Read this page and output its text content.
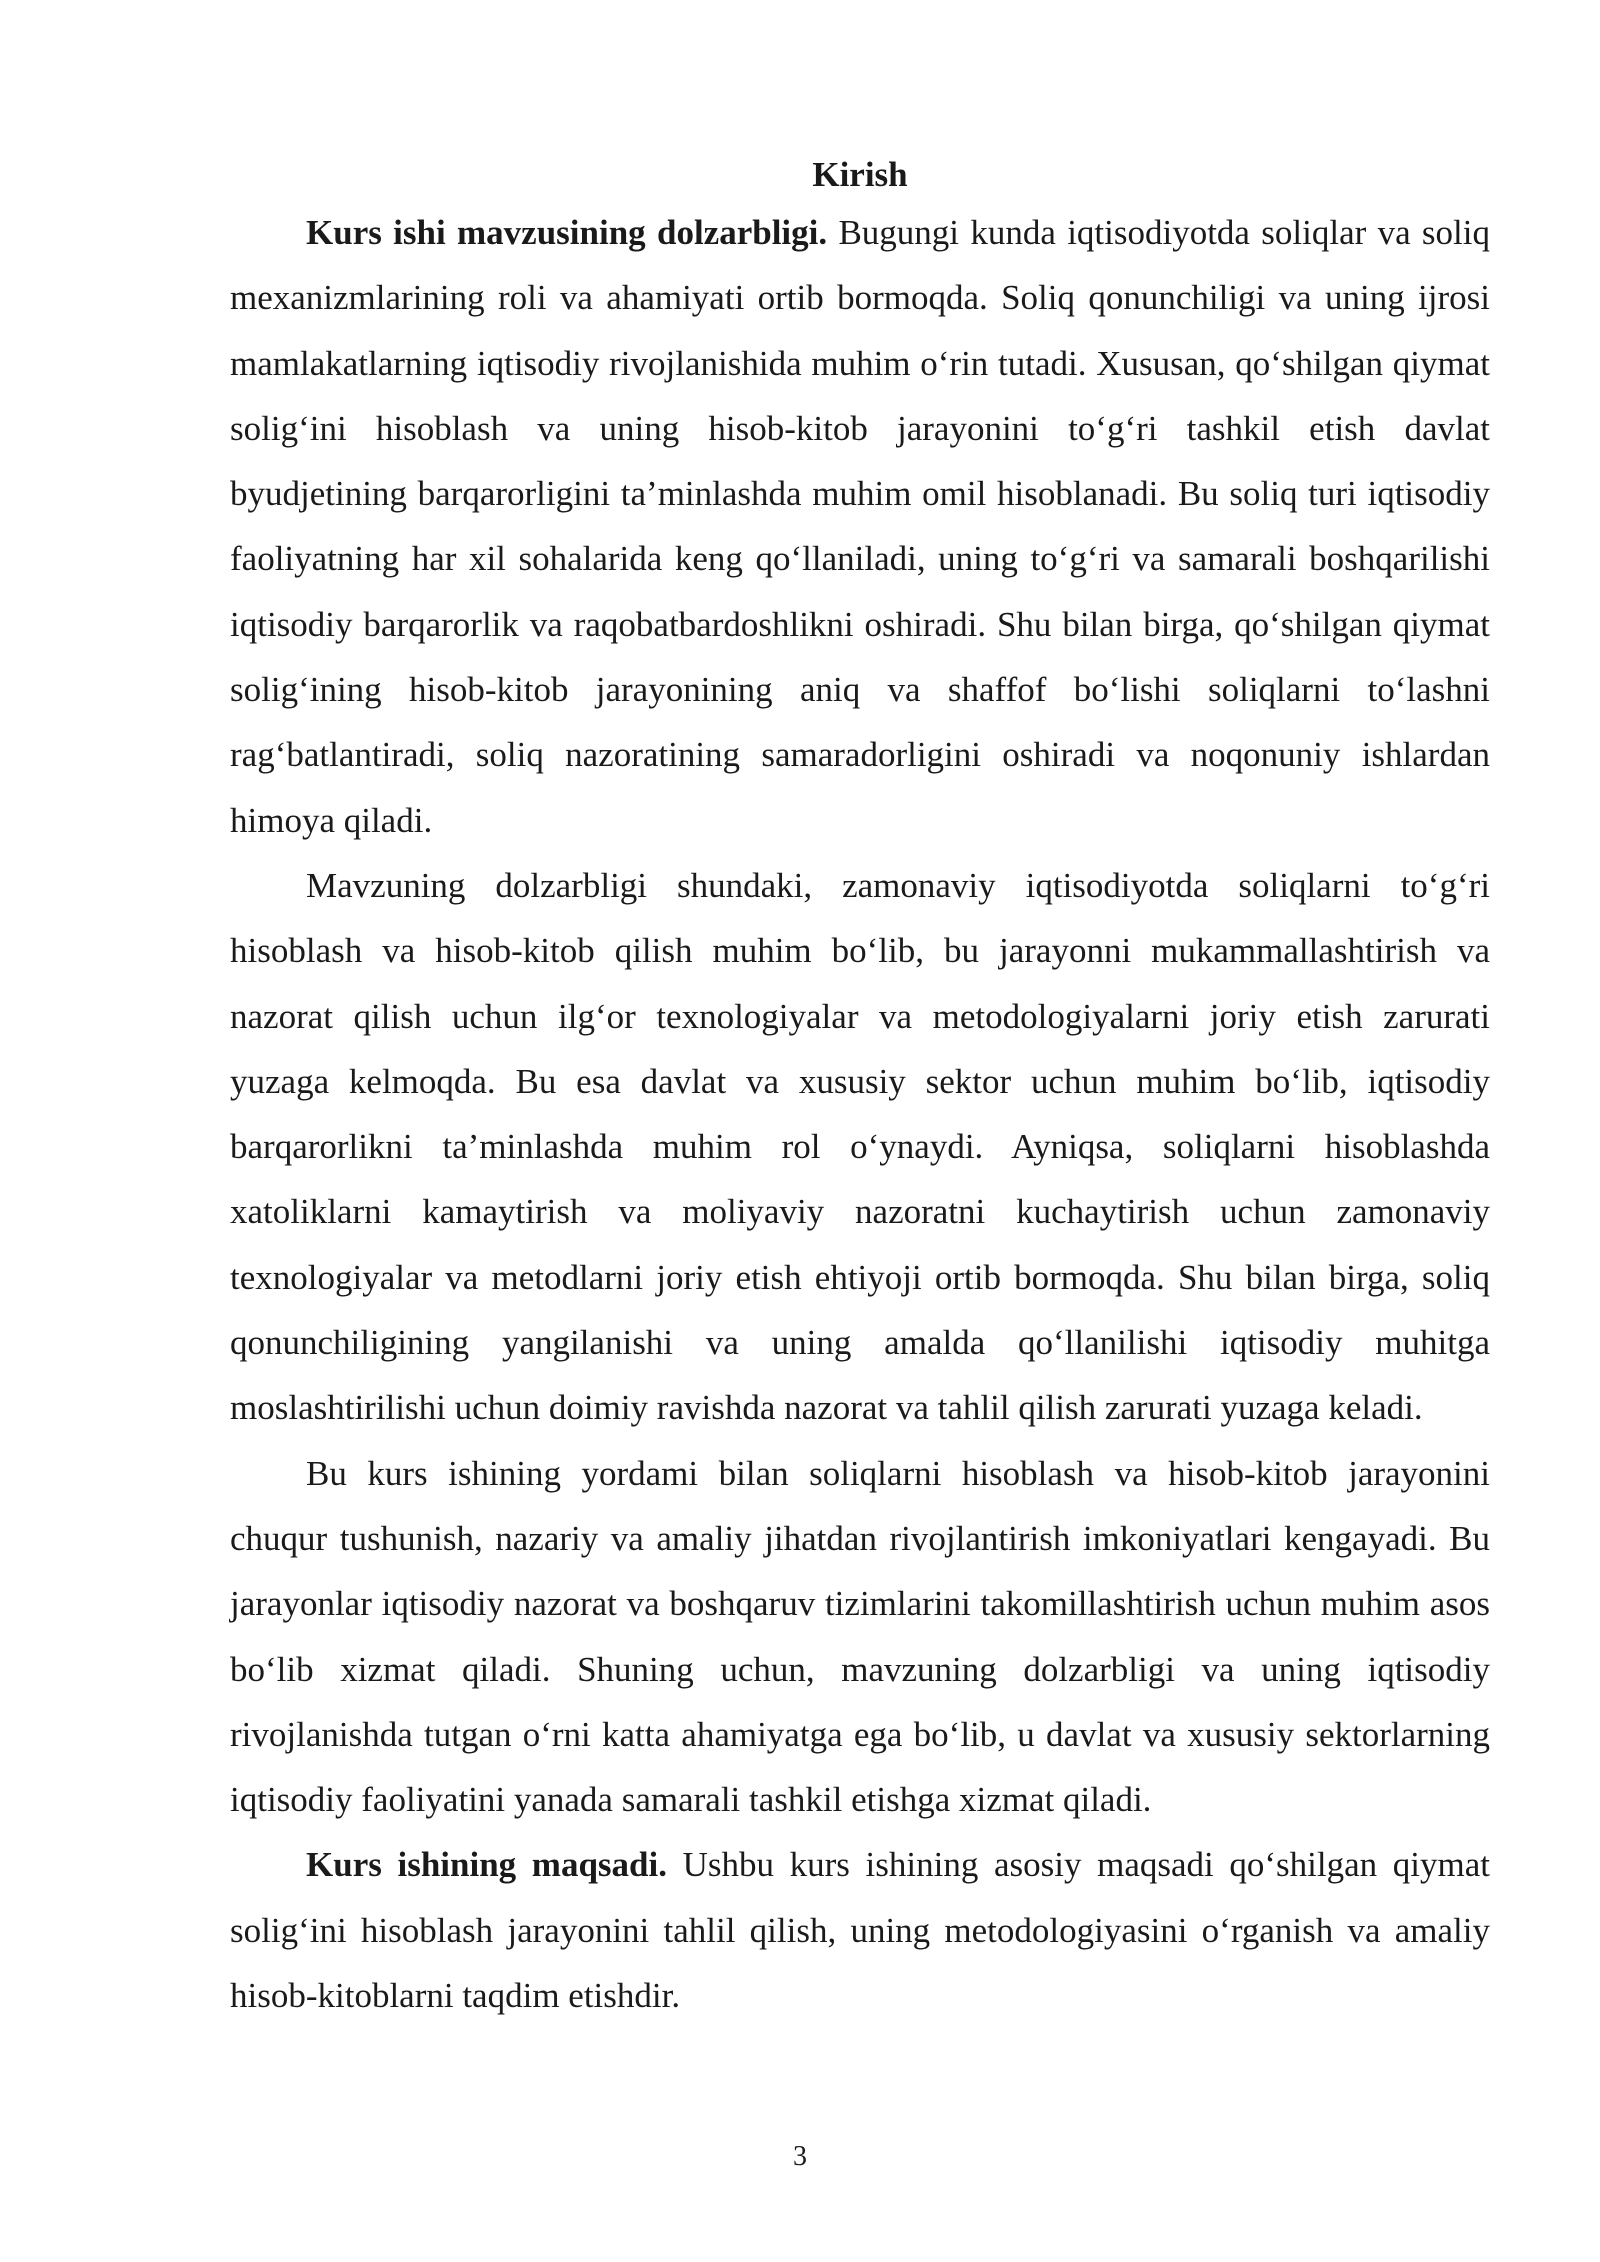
Kirish

Kurs ishi mavzusining dolzarbligi. Bugungi kunda iqtisodiyotda soliqlar va soliq mexanizmlarining roli va ahamiyati ortib bormoqda. Soliq qonunchiligi va uning ijrosi mamlakatlarning iqtisodiy rivojlanishida muhim o‘rin tutadi. Xususan, qo‘shilgan qiymat solig‘ini hisoblash va uning hisob-kitob jarayonini to‘g‘ri tashkil etish davlat byudjetining barqarorligini ta’minlashda muhim omil hisoblanadi. Bu soliq turi iqtisodiy faoliyatning har xil sohalarida keng qo‘llaniladi, uning to‘g‘ri va samarali boshqarilishi iqtisodiy barqarorlik va raqobatbardoshlikni oshiradi. Shu bilan birga, qo‘shilgan qiymat solig‘ining hisob-kitob jarayonining aniq va shaffof bo‘lishi soliqlarni to‘lashni rag‘batlantiradi, soliq nazoratining samaradorligini oshiradi va noqonuniy ishlardan himoya qiladi.

Mavzuning dolzarbligi shundaki, zamonaviy iqtisodiyotda soliqlarni to‘g‘ri hisoblash va hisob-kitob qilish muhim bo‘lib, bu jarayonni mukammallashtirish va nazorat qilish uchun ilg‘or texnologiyalar va metodologiyalarni joriy etish zarurati yuzaga kelmoqda. Bu esa davlat va xususiy sektor uchun muhim bo‘lib, iqtisodiy barqarorlikni ta’minlashda muhim rol o‘ynaydi. Ayniqsa, soliqlarni hisoblashda xatoliklarni kamaytirish va moliyaviy nazoratni kuchaytirish uchun zamonaviy texnologiyalar va metodlarni joriy etish ehtiyoji ortib bormoqda. Shu bilan birga, soliq qonunchiligining yangilanishi va uning amalda qo‘llanilishi iqtisodiy muhitga moslashtirilishi uchun doimiy ravishda nazorat va tahlil qilish zarurati yuzaga keladi.

Bu kurs ishining yordami bilan soliqlarni hisoblash va hisob-kitob jarayonini chuqur tushunish, nazariy va amaliy jihatdan rivojlantirish imkoniyatlari kengayadi. Bu jarayonlar iqtisodiy nazorat va boshqaruv tizimlarini takomillashtirish uchun muhim asos bo‘lib xizmat qiladi. Shuning uchun, mavzuning dolzarbligi va uning iqtisodiy rivojlanishda tutgan o‘rni katta ahamiyatga ega bo‘lib, u davlat va xususiy sektorlarning iqtisodiy faoliyatini yanada samarali tashkil etishga xizmat qiladi.

Kurs ishining maqsadi. Ushbu kurs ishining asosiy maqsadi qo‘shilgan qiymat solig‘ini hisoblash jarayonini tahlil qilish, uning metodologiyasini o‘rganish va amaliy hisob-kitoblarni taqdim etishdir.

3
